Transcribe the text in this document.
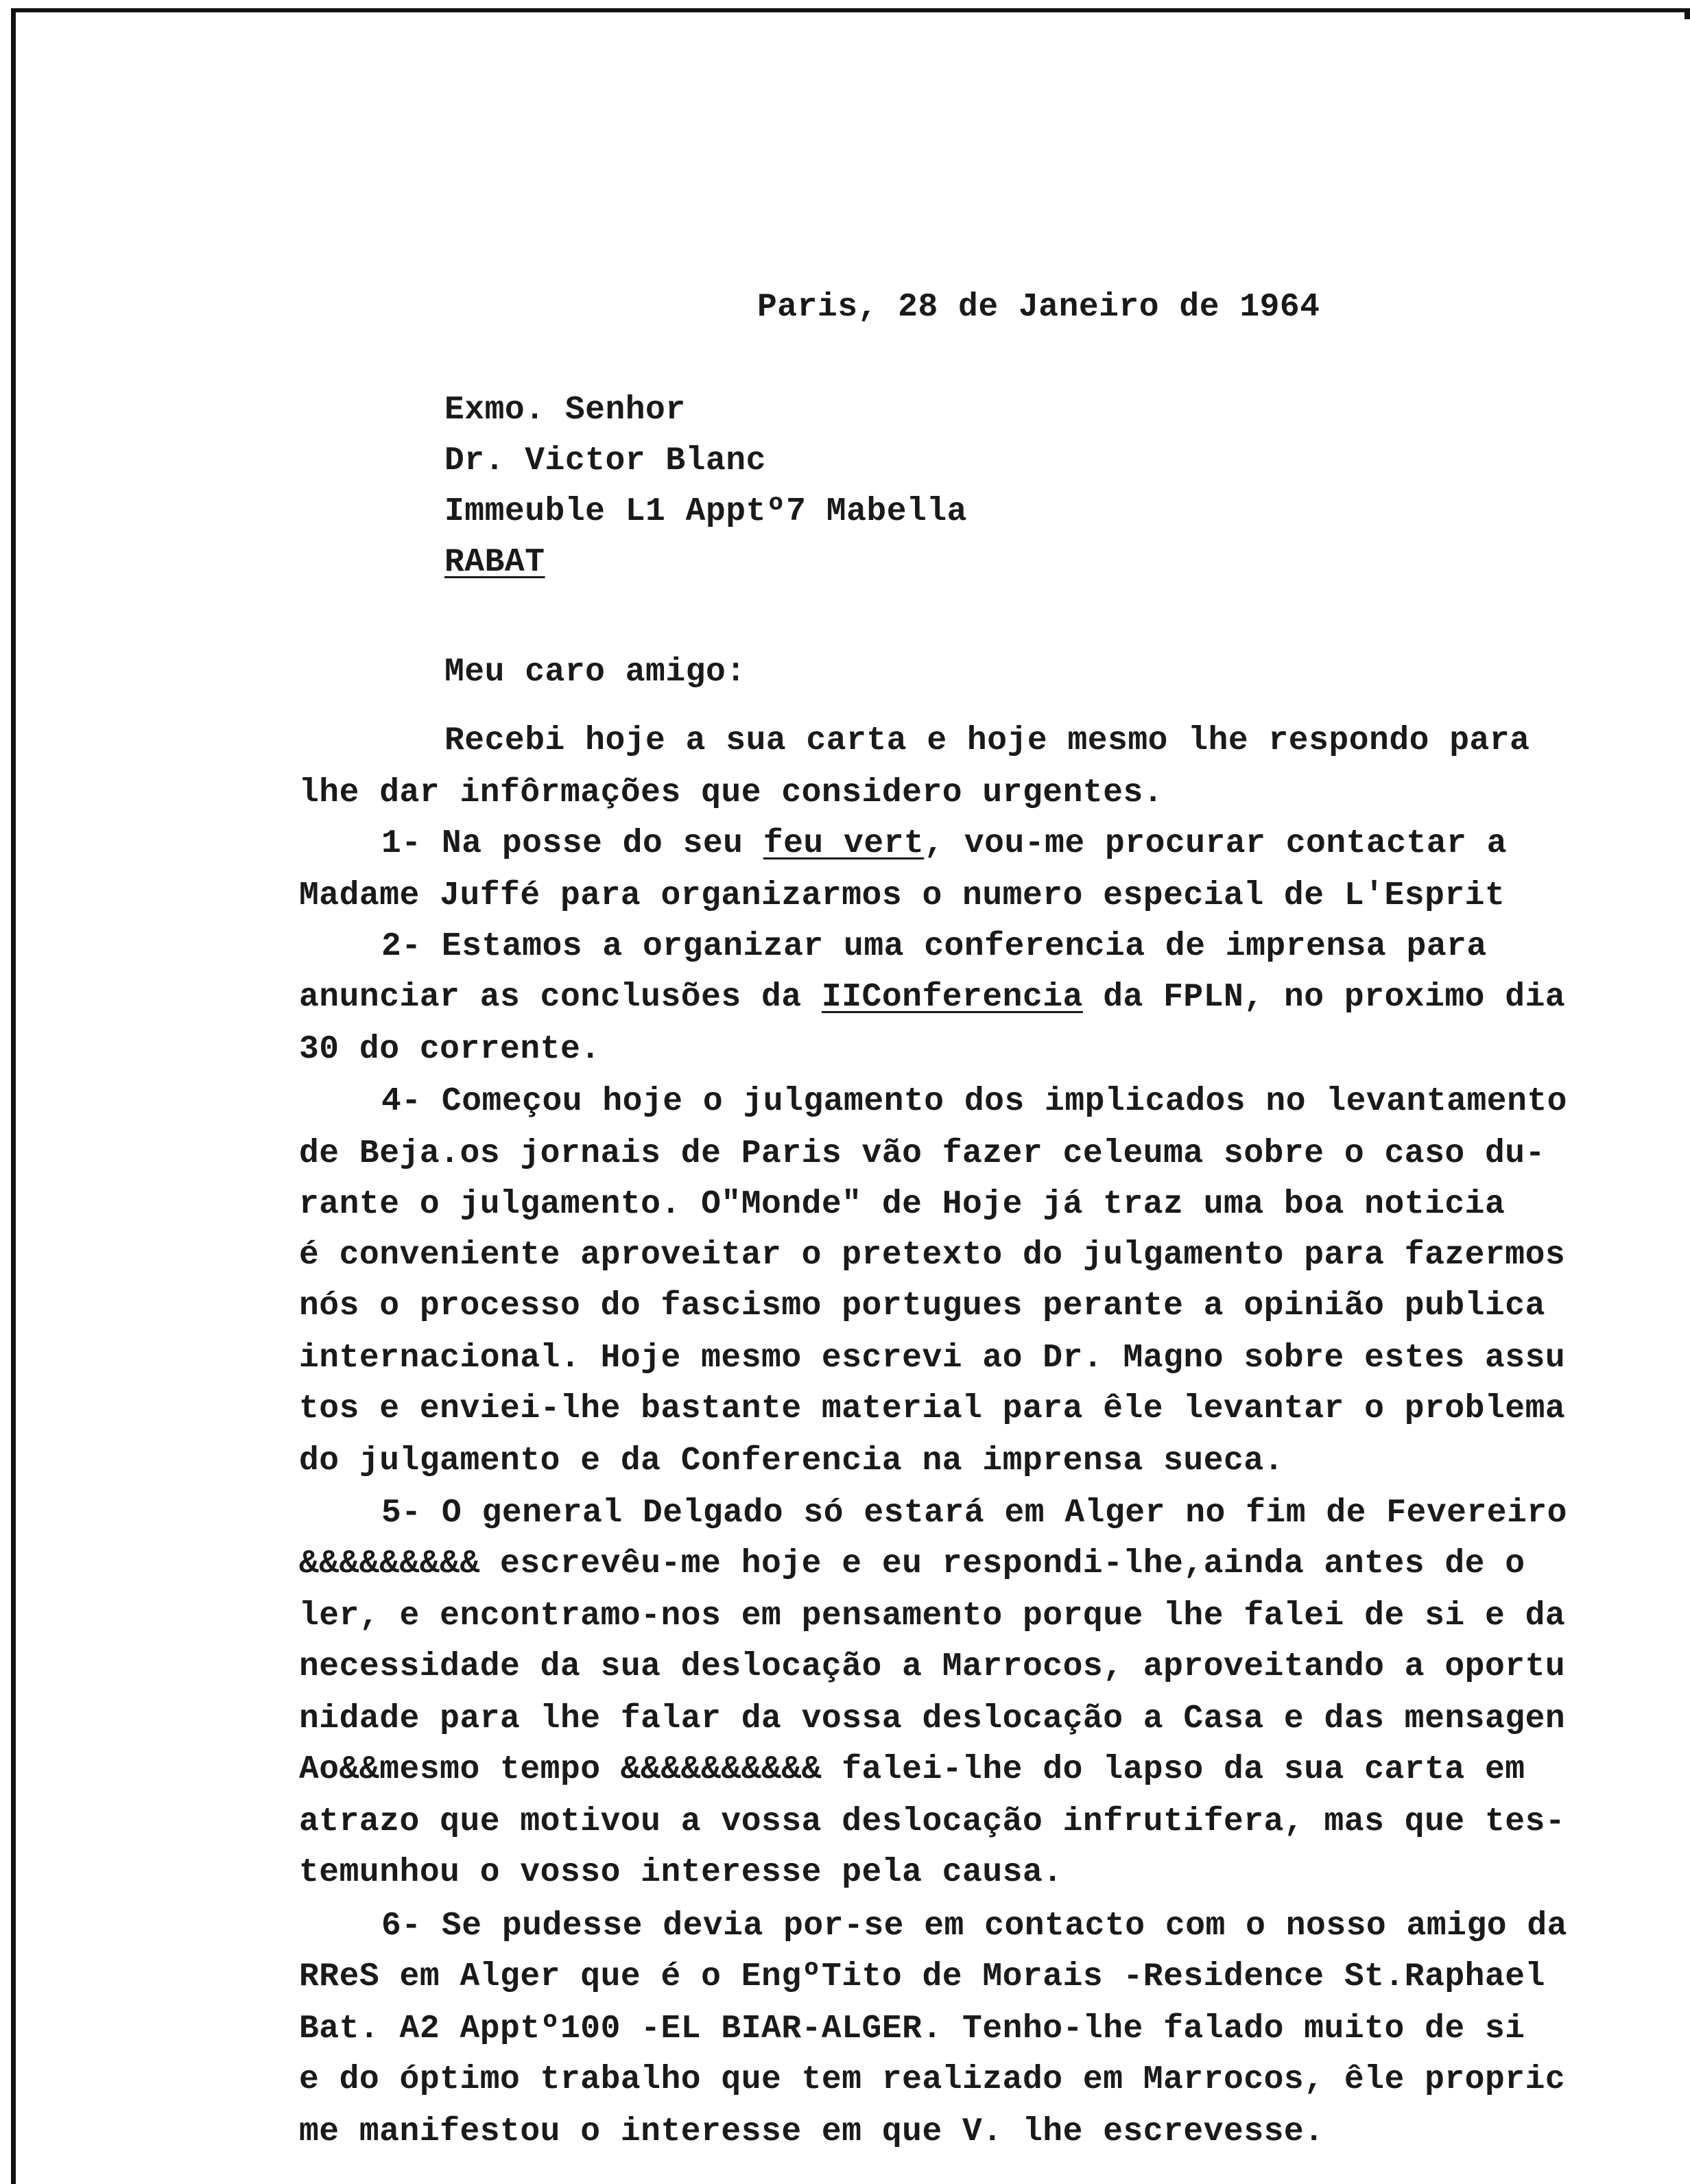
Paris, 28 de Janeiro de 1964
Exmo. Senhor
Dr. Victor Blanc
Immeuble L1 Apptº7 Mabella
RABAT
Meu caro amigo:
Recebi hoje a sua carta e hoje mesmo lhe respondo para
lhe dar infôrmações que considero urgentes.
1- Na posse do seu feu vert, vou-me procurar contactar a
Madame Juffé para organizarmos o numero especial de L'Esprit
2- Estamos a organizar uma conferencia de imprensa para
anunciar as conclusões da IIConferencia da FPLN, no proximo dia
30 do corrente.
4- Começou hoje o julgamento dos implicados no levantamento
de Beja.os jornais de Paris vão fazer celeuma sobre o caso du-
rante o julgamento. O"Monde" de Hoje já traz uma boa noticia
é conveniente aproveitar o pretexto do julgamento para fazermos
nós o processo do fascismo portugues perante a opinião publica
internacional. Hoje mesmo escrevi ao Dr. Magno sobre estes assu
tos e enviei-lhe bastante material para êle levantar o problema
do julgamento e da Conferencia na imprensa sueca.
5- O general Delgado só estará em Alger no fim de Fevereiro
&&&&&&&&& escrevêu-me hoje e eu respondi-lhe,ainda antes de o
ler, e encontramo-nos em pensamento porque lhe falei de si e da
necessidade da sua deslocação a Marrocos, aproveitando a oportu
nidade para lhe falar da vossa deslocação a Casa e das mensagen
Ao&&mesmo tempo &&&&&&&&&& falei-lhe do lapso da sua carta em
atrazo que motivou a vossa deslocação infrutifera, mas que tes-
temunhou o vosso interesse pela causa.
6- Se pudesse devia por-se em contacto com o nosso amigo da
RReS em Alger que é o EngºTito de Morais -Residence St.Raphael
Bat. A2 Apptº100 -EL BIAR-ALGER. Tenho-lhe falado muito de si
e do óptimo trabalho que tem realizado em Marrocos, êle propric
me manifestou o interesse em que V. lhe escrevesse.
